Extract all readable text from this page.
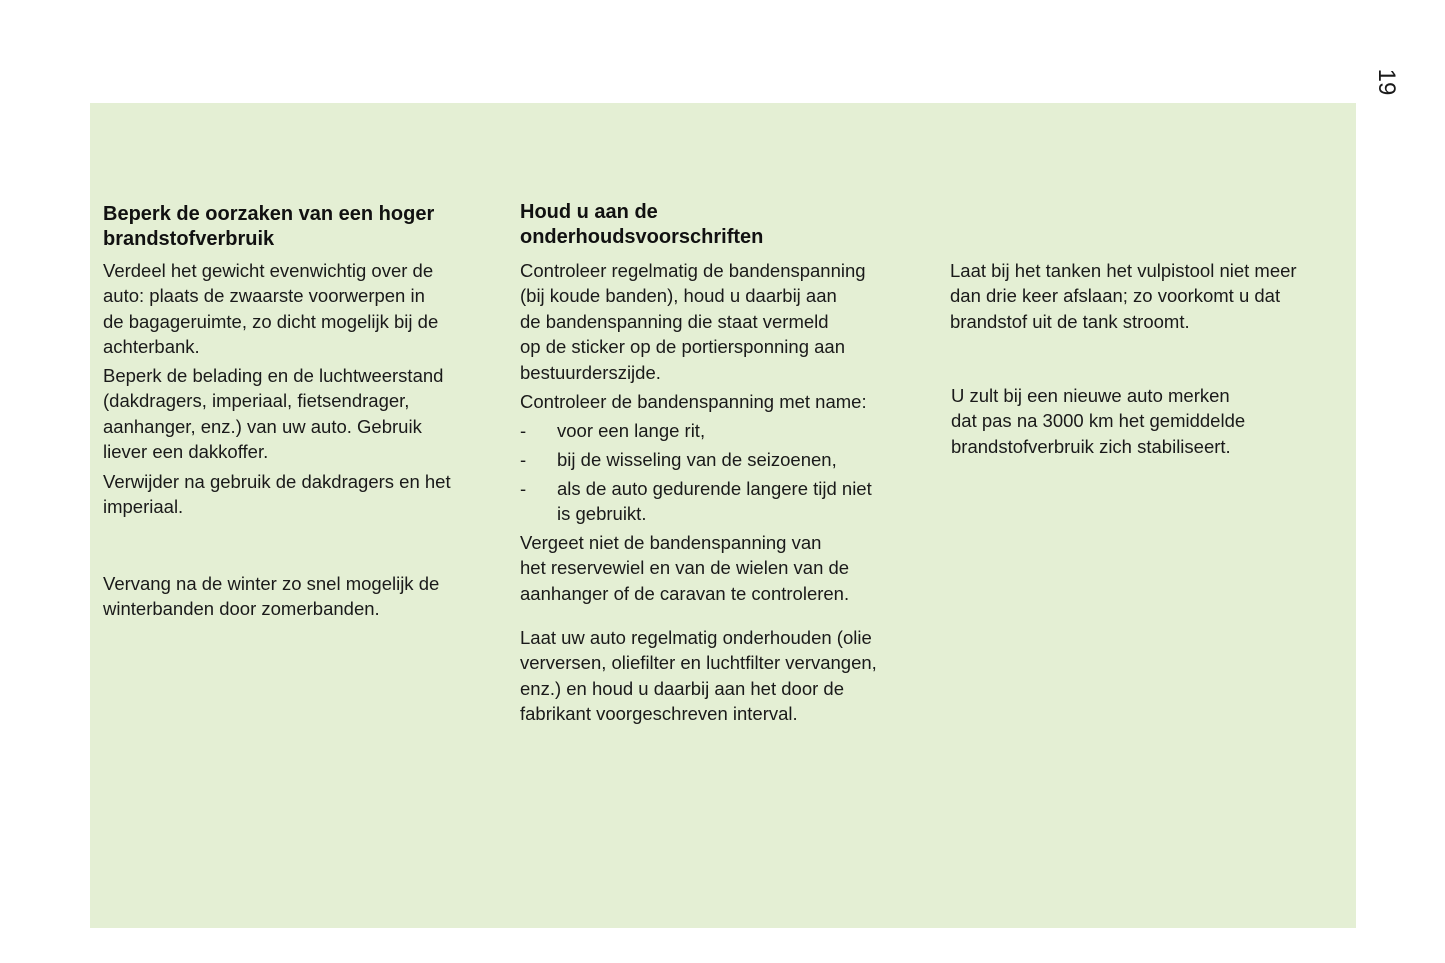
19
Beperk de oorzaken van een hoger
brandstofverbruik

Verdeel het gewicht evenwichtig over de
auto: plaats de zwaarste voorwerpen in
de bagageruimte, zo dicht mogelijk bij de
achterbank.

Beperk de belading en de luchtweerstand
(dakdragers, imperiaal, fietsendrager,
aanhanger, enz.) van uw auto. Gebruik
liever een dakkoffer.

Verwijder na gebruik de dakdragers en het
imperiaal.

Vervang na de winter zo snel mogelijk de
winterbanden door zomerbanden.

Houd u aan de
onderhoudsvoorschriften

Controleer regelmatig de bandenspanning
(bij koude banden), houd u daarbij aan
de bandenspanning die staat vermeld
op de sticker op de portiersponning aan
bestuurderszijde.

Controleer de bandenspanning met name:

-	voor een lange rit,
-	bij de wisseling van de seizoenen,
-	als de auto gedurende langere tijd niet
is gebruikt.

Vergeet niet de bandenspanning van
het reservewiel en van de wielen van de
aanhanger of de caravan te controleren.

Laat uw auto regelmatig onderhouden (olie
verversen, oliefilter en luchtfilter vervangen,
enz.) en houd u daarbij aan het door de
fabrikant voorgeschreven interval.

Laat bij het tanken het vulpistool niet meer
dan drie keer afslaan; zo voorkomt u dat
brandstof uit de tank stroomt.

U zult bij een nieuwe auto merken
dat pas na 3000 km het gemiddelde
brandstofverbruik zich stabiliseert.
